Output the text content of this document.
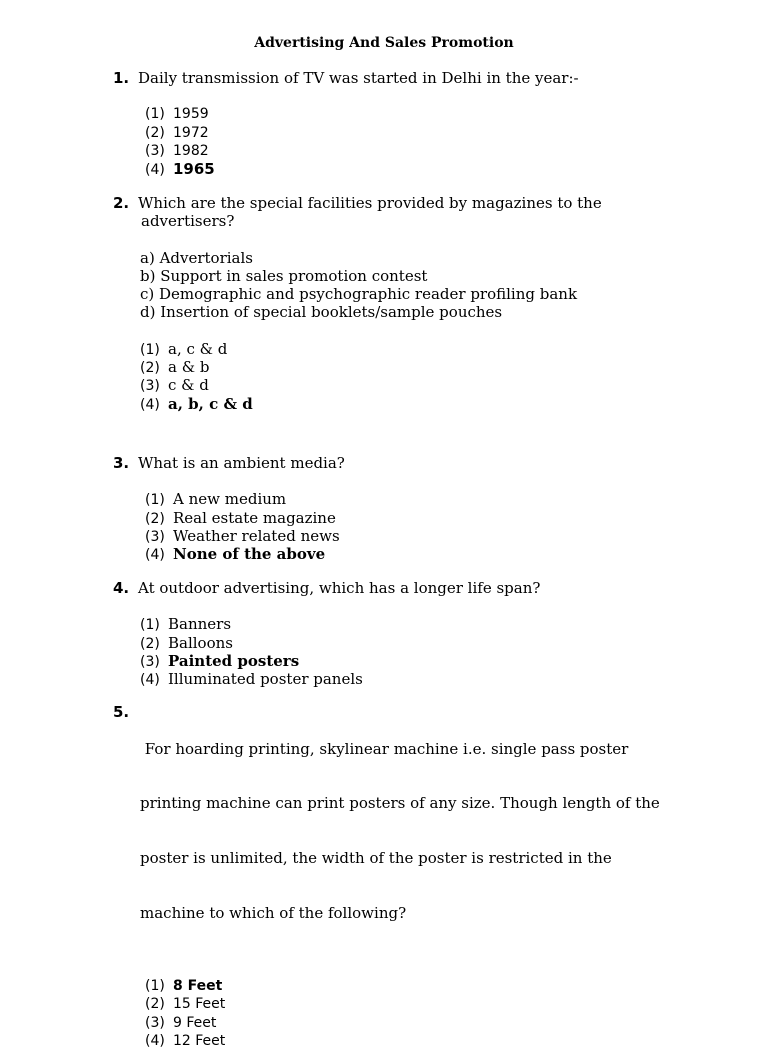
Advertising And Sales Promotion
1. Daily transmission of TV was started in Delhi in the year:-
(1) 1959
(2) 1972
(3) 1982
(4) 1965
2. Which are the special facilities provided by magazines to the
advertisers?
a) Advertorials
b) Support in sales promotion contest
c) Demographic and psychographic reader profiling bank
d) Insertion of special booklets/sample pouches
(1) a, c & d
(2) a & b
(3) c & d
(4) a, b, c & d
3. What is an ambient media?
(1) A new medium
(2) Real estate magazine
(3) Weather related news
(4) None of the above
4. At outdoor advertising, which has a longer life span?
(1) Banners
(2) Balloons
(3) Painted posters
(4) Illuminated poster panels
5.

For hoarding printing, skylinear machine i.e. single pass poster

printing machine can print posters of any size. Though length of the

poster is unlimited, the width of the poster is restricted in the

machine to which of the following?

(1) 8 Feet
(2) 15 Feet
(3) 9 Feet
(4) 12 Feet
